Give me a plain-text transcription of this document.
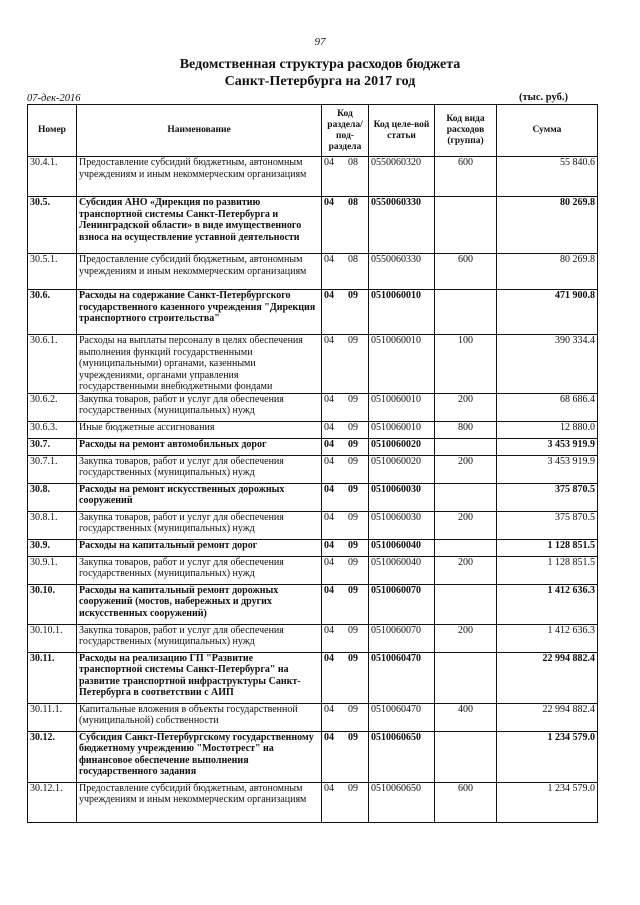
97
Ведомственная структура расходов бюджета
Санкт-Петербурга на 2017 год
07-дек-2016	(тыс. руб.)
Номер	Наименование	Код раздела/ под-раздела	Код целе-вой статьи	Код вида расходов (группа)	Сумма
30.4.1.	Предоставление субсидий бюджетным, автономным учреждениям и иным некоммерческим организациям	04 08	0550060320	600	55 840.6
30.5.	Субсидия АНО «Дирекция по развитию транспортной системы Санкт-Петербурга и Ленинградской области» в виде имущественного взноса на осуществление уставной деятельности	04 08	0550060330		80 269.8
30.5.1.	Предоставление субсидий бюджетным, автономным учреждениям и иным некоммерческим организациям	04 08	0550060330	600	80 269.8
30.6.	Расходы на содержание Санкт-Петербургского государственного казенного учреждения "Дирекция транспортного строительства"	04 09	0510060010		471 900.8
30.6.1.	Расходы на выплаты персоналу в целях обеспечения выполнения функций государственными (муниципальными) органами, казенными учреждениями, органами управления государственными внебюджетными фондами	04 09	0510060010	100	390 334.4
30.6.2.	Закупка товаров, работ и услуг для обеспечения государственных (муниципальных) нужд	04 09	0510060010	200	68 686.4
30.6.3.	Иные бюджетные ассигнования	04 09	0510060010	800	12 880.0
30.7.	Расходы на ремонт автомобильных дорог	04 09	0510060020		3 453 919.9
30.7.1.	Закупка товаров, работ и услуг для обеспечения государственных (муниципальных) нужд	04 09	0510060020	200	3 453 919.9
30.8.	Расходы на ремонт искусственных дорожных сооружений	04 09	0510060030		375 870.5
30.8.1.	Закупка товаров, работ и услуг для обеспечения государственных (муниципальных) нужд	04 09	0510060030	200	375 870.5
30.9.	Расходы на капитальный ремонт дорог	04 09	0510060040		1 128 851.5
30.9.1.	Закупка товаров, работ и услуг для обеспечения государственных (муниципальных) нужд	04 09	0510060040	200	1 128 851.5
30.10.	Расходы на капитальный ремонт дорожных сооружений (мостов, набережных и других искусственных сооружений)	04 09	0510060070		1 412 636.3
30.10.1.	Закупка товаров, работ и услуг для обеспечения государственных (муниципальных) нужд	04 09	0510060070	200	1 412 636.3
30.11.	Расходы на реализацию ГП "Развитие транспортной системы Санкт-Петербурга" на развитие транспортной инфраструктуры Санкт-Петербурга в соответствии с АИП	04 09	0510060470		22 994 882.4
30.11.1.	Капитальные вложения в объекты государственной (муниципальной) собственности	04 09	0510060470	400	22 994 882.4
30.12.	Субсидия Санкт-Петербургскому государственному бюджетному учреждению "Мостотрест" на финансовое обеспечение выполнения государственного задания	04 09	0510060650		1 234 579.0
30.12.1.	Предоставление субсидий бюджетным, автономным учреждениям и иным некоммерческим организациям	04 09	0510060650	600	1 234 579.0
